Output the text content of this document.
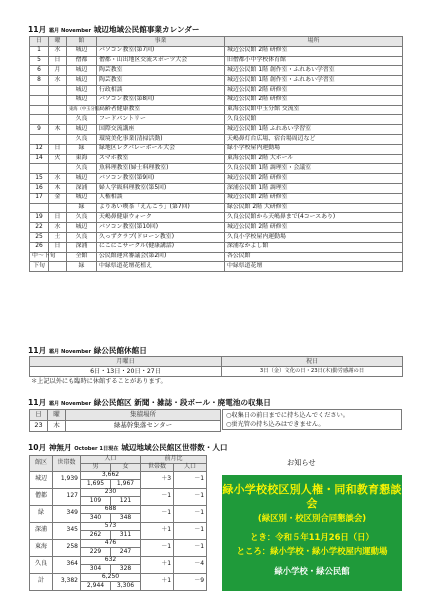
11月 霜月 November 城辺地域公民館事業カレンダー
日	曜	館	事業	場所
1	水	城辺	パソコン教室(第7回)	城辺公民館 2階 研修室
5	日	僧都	僧都・山出地区交流スポーツ大会	旧僧都小中学校体育館
6	月	城辺	陶芸教室	城辺公民館 1階 創作室・ふれあい学習室
8	水	城辺	陶芸教室	城辺公民館 1階 創作室・ふれあい学習室
		城辺	行政相談	城辺公民館 2階 研修室
		城辺	パソコン教室(第8回)	城辺公民館 2階 研修室
		東海（中玉分館）	高齢者健康教室	東海公民館中玉分館 交流室
		久良	フードパントリー	久良公民館
9	木	城辺	国際交流講座	城辺公民館 1階 ふれあい学習室
		久良	環境美化事業(清掃活動)	天嶋鼻灯台広場、宿台場周辺など
12	日	緑	緑地区レクバレーボール大会	緑小学校屋内運動場
14	火	東海	スマホ教室	東海公民館 2階 大ホール
		久良	魚料理教室(婦士料理教室)	久良公民館 1階 調理室・会議室
15	水	城辺	パソコン教室(第9回)	城辺公民館 2階 研修室
16	木	深浦	婦人学級料理教室(第5回)	深浦公民館 1階 調理室
17	金	城辺	人権相談	城辺公民館 2階 研修室
		緑	よりあい喫茶「えんこう」(第7回)	緑公民館 2階 大研修室
19	日	久良	天嶋鼻健康ウォーク	久良公民館から天嶋鼻まで(4コースあり)
22	水	城辺	パソコン教室(第10回)	城辺公民館 2階 研修室
25	土	久良	久っずクラブ(ドローン教室)	久良小学校屋内運動場
26	日	深浦	にこにこサークル(健康講話)	深浦なかよし館
中～下旬		全館	公民館運営審議会(第2回)	各公民館
下旬		緑	中緑県道花壇花植え	中緑県道花壇
11月 霜月 November 緑公民館休館日
月曜日	祝日
6日・13日・20日・27日	3日（金）文化の日・23日(木)勤労感謝の日
＊上記以外にも臨時に休館することがあります。
11月 霜月 November 緑公民館区 新聞・雑誌・段ボール・廃電池の収集日
日	曜	集積場所
23	木	緑基幹集落センター
○収集日の前日までに持ち込んでください。
○蛍光管の持ち込みはできません。
10月 神無月 October 1日現在 城辺地域公民館区世帯数・人口
館区	世帯数	人口		前月比	
		男	女	世帯数	人口
城辺	1,939	3,662		＋3	－1
		1,695	1,967		
僧都	127	230		－1	－1
		109	121		
緑	349	688		－1	－1
		340	348		
深浦	345	573		＋1	－1
		262	311		
東海	258	476		－1	－1
		229	247		
久良	364	632		＋1	－4
		304	328		
計	3,382	6,250		＋1	－9
		2,944	3,306		
お知らせ
緑小学校校区別人権・同和教育懇談会
(緑区別・校区別合同懇談会)
とき：令和５年11月26日（日）
ところ：緑小学校・緑小学校屋内運動場
緑小学校・緑公民館
